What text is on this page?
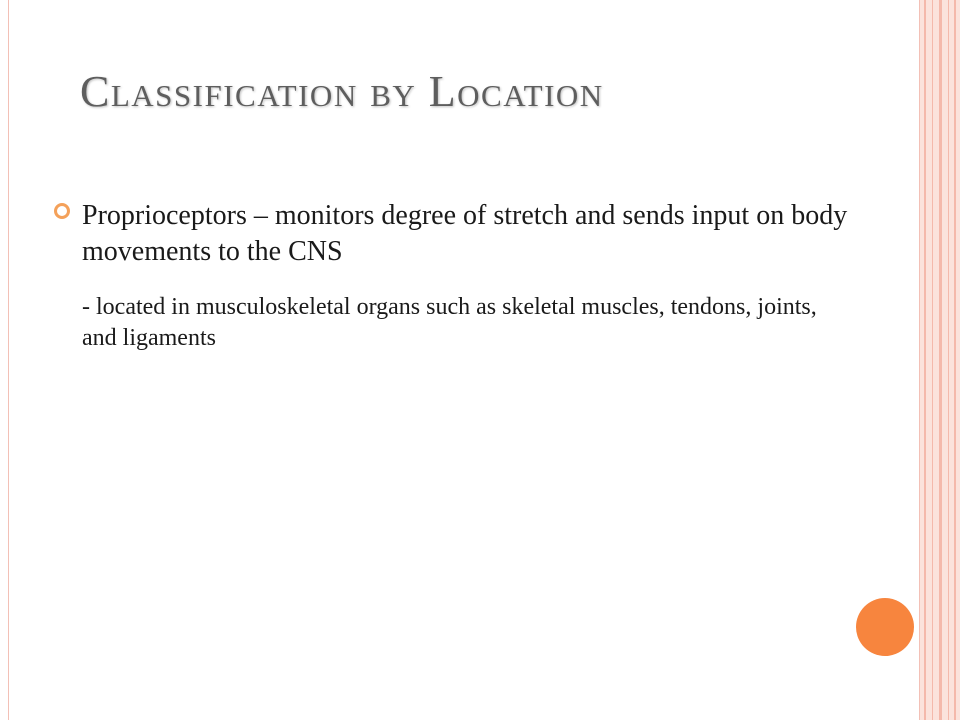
Classification by Location
Proprioceptors – monitors degree of stretch and sends input on body movements to the CNS
- located in musculoskeletal organs such as skeletal muscles, tendons, joints, and ligaments
